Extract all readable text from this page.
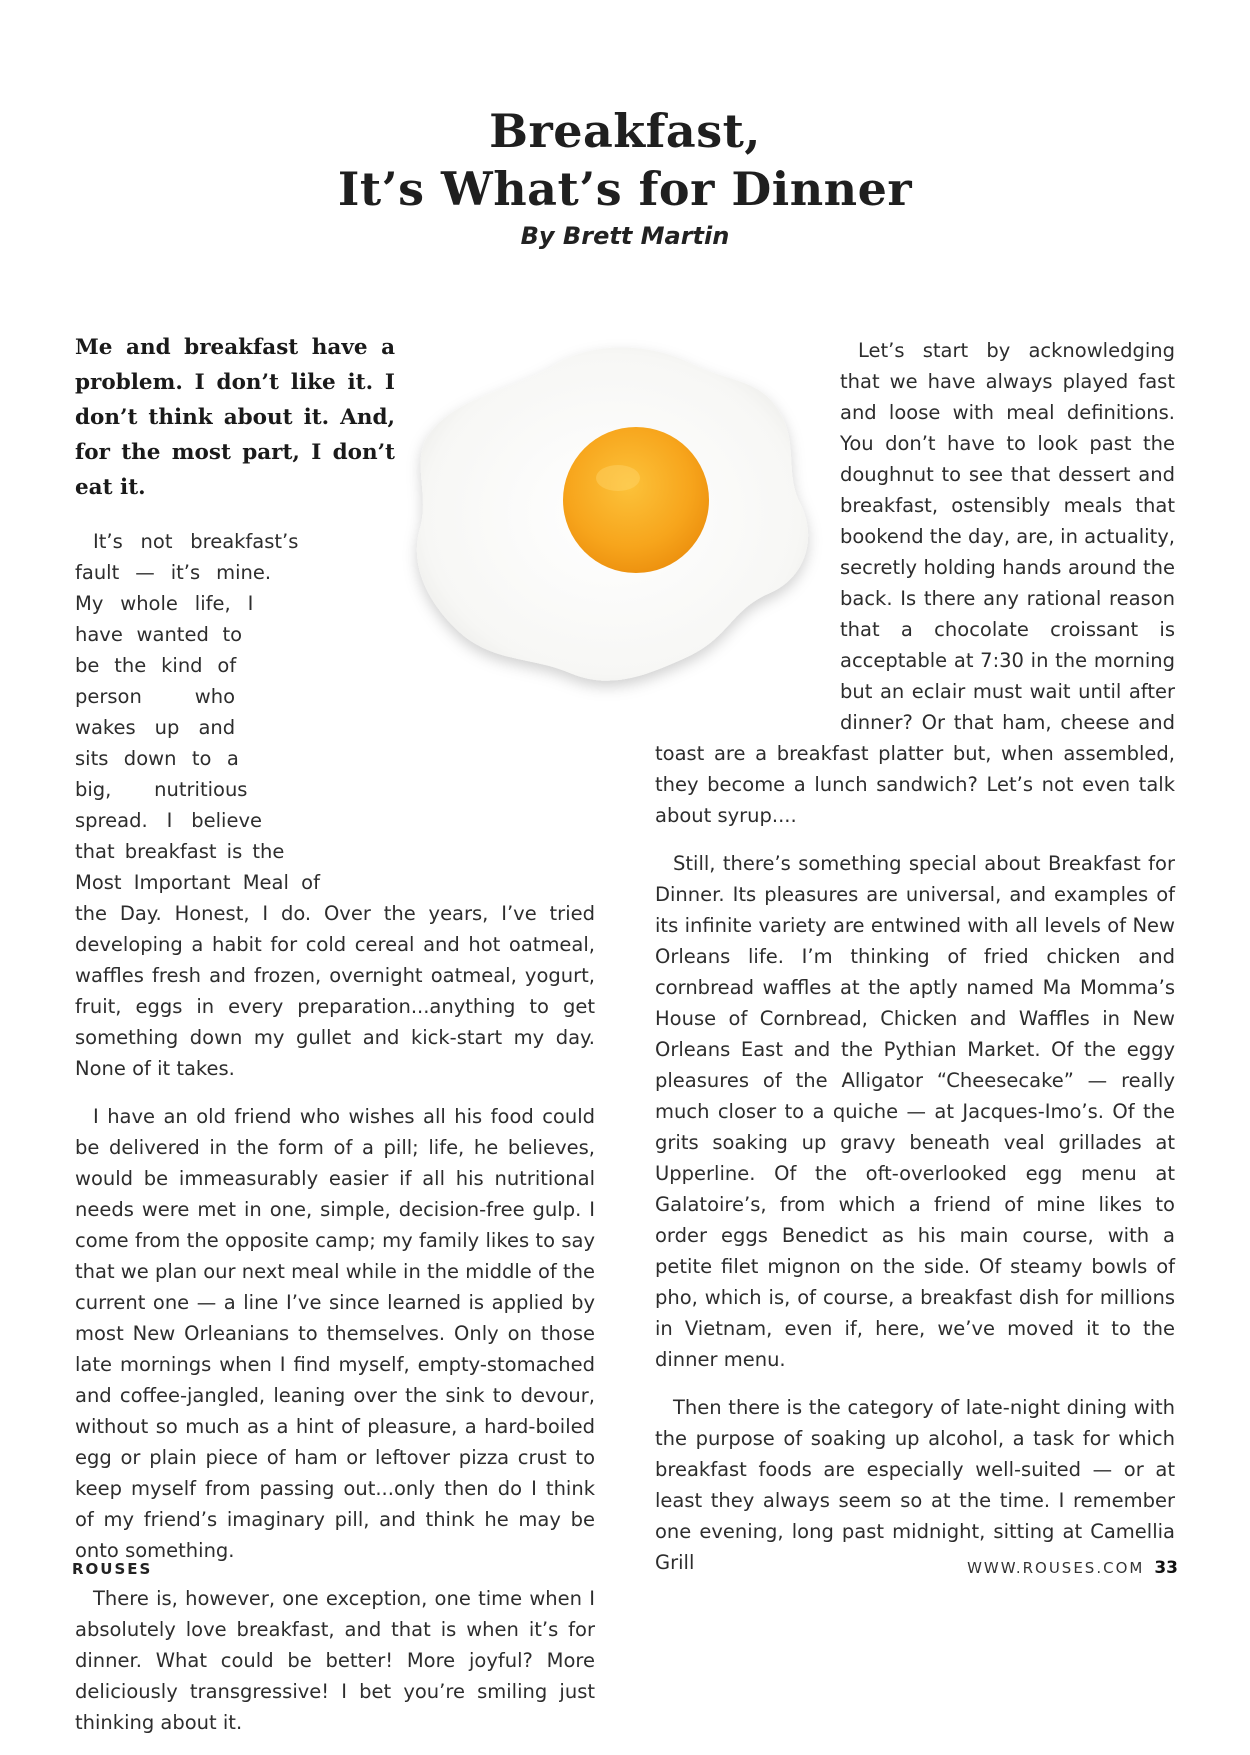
Breakfast,
It’s What’s for Dinner
By Brett Martin
Me and breakfast have a problem. I don’t like it. I don’t think about it. And, for the most part, I don’t eat it.

It’s not breakfast’s fault — it’s mine. My whole life, I have wanted to be the kind of person who wakes up and sits down to a big, nutritious spread. I believe that breakfast is the Most Important Meal of the Day. Honest, I do. Over the years, I’ve tried developing a habit for cold cereal and hot oatmeal, waffles fresh and frozen, overnight oatmeal, yogurt, fruit, eggs in every preparation...anything to get something down my gullet and kick-start my day. None of it takes.

I have an old friend who wishes all his food could be delivered in the form of a pill; life, he believes, would be immeasurably easier if all his nutritional needs were met in one, simple, decision-free gulp. I come from the opposite camp; my family likes to say that we plan our next meal while in the middle of the current one — a line I’ve since learned is applied by most New Orleanians to themselves. Only on those late mornings when I find myself, empty-stomached and coffee-jangled, leaning over the sink to devour, without so much as a hint of pleasure, a hard-boiled egg or plain piece of ham or leftover pizza crust to keep myself from passing out...only then do I think of my friend’s imaginary pill, and think he may be onto something.

There is, however, one exception, one time when I absolutely love breakfast, and that is when it’s for dinner. What could be better! More joyful? More deliciously transgressive! I bet you’re smiling just thinking about it.

Let’s start by acknowledging that we have always played fast and loose with meal definitions. You don’t have to look past the doughnut to see that dessert and breakfast, ostensibly meals that bookend the day, are, in actuality, secretly holding hands around the back. Is there any rational reason that a chocolate croissant is acceptable at 7:30 in the morning but an eclair must wait until after dinner? Or that ham, cheese and toast are a breakfast platter but, when assembled, they become a lunch sandwich? Let’s not even talk about syrup....

Still, there’s something special about Breakfast for Dinner. Its pleasures are universal, and examples of its infinite variety are entwined with all levels of New Orleans life. I’m thinking of fried chicken and cornbread waffles at the aptly named Ma Momma’s House of Cornbread, Chicken and Waffles in New Orleans East and the Pythian Market. Of the eggy pleasures of the Alligator “Cheesecake” — really much closer to a quiche — at Jacques-Imo’s. Of the grits soaking up gravy beneath veal grillades at Upperline. Of the oft-overlooked egg menu at Galatoire’s, from which a friend of mine likes to order eggs Benedict as his main course, with a petite filet mignon on the side. Of steamy bowls of pho, which is, of course, a breakfast dish for millions in Vietnam, even if, here, we’ve moved it to the dinner menu.

Then there is the category of late-night dining with the purpose of soaking up alcohol, a task for which breakfast foods are especially well-suited — or at least they always seem so at the time. I remember one evening, long past midnight, sitting at Camellia Grill

ROUSES	WWW.ROUSES.COM 33
